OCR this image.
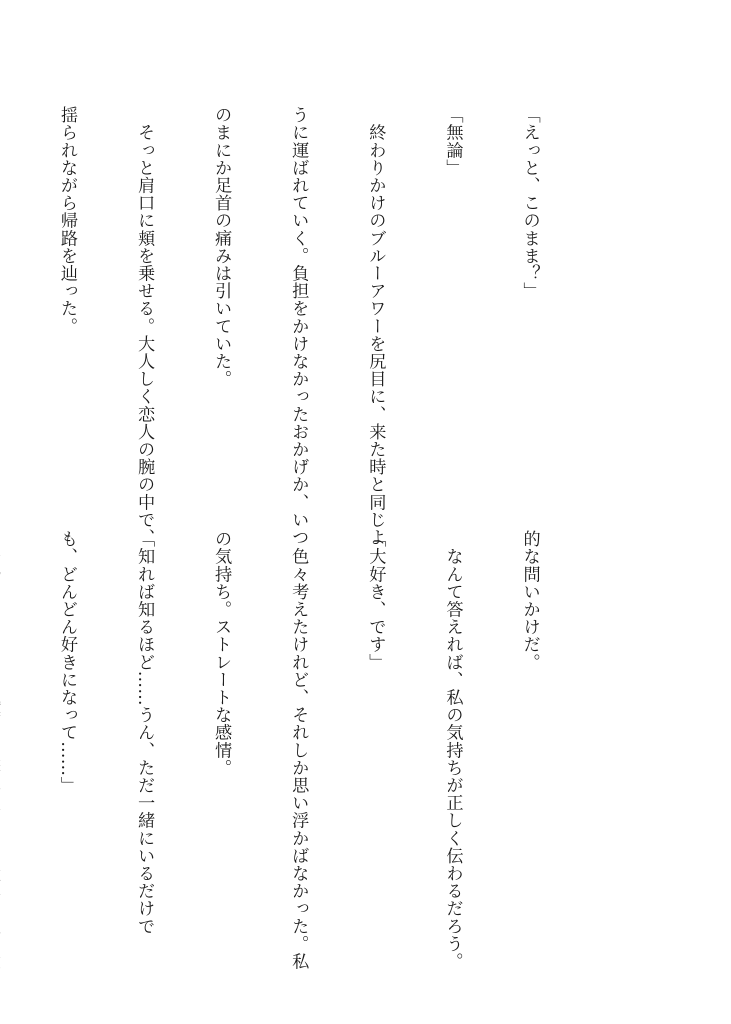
「えっと、このまま？」

「無論」

　終わりかけのブルーアワーを尻目に、来た時と同じよ

うに運ばれていく。負担をかけなかったおかげか、いつ

のまにか足首の痛みは引いていた。

　そっと肩口に頬を乗せる。大人しく恋人の腕の中で、

揺られながら帰路を辿った。

的な問いかけだ。

　なんて答えれば、私の気持ちが正しく伝わるだろう。

「大好き、です」

　色々考えたけれど、それしか思い浮かばなかった。私

の気持ち。ストレートな感情。

「知れば知るほど……うん、ただ一緒にいるだけで

も、どんどん好きになって……」
